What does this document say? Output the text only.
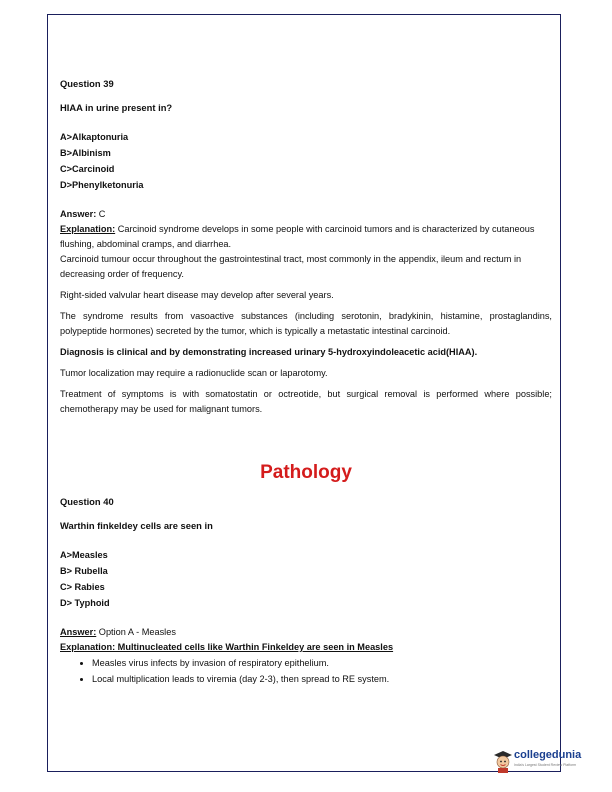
Question 39

HIAA in urine present in?

A>Alkaptonuria

B>Albinism

C>Carcinoid

D>Phenylketonuria

Answer: C

Explanation: Carcinoid syndrome develops in some people with carcinoid tumors and is characterized by cutaneous flushing, abdominal cramps, and diarrhea.

Carcinoid tumour occur throughout the gastrointestinal tract, most commonly in the appendix, ileum and rectum in decreasing order of frequency.

Right-sided valvular heart disease may develop after several years.

The syndrome results from vasoactive substances (including serotonin, bradykinin, histamine, prostaglandins, polypeptide hormones) secreted by the tumor, which is typically a metastatic intestinal carcinoid.

Diagnosis is clinical and by demonstrating increased urinary 5-hydroxyindoleacetic acid(HIAA).

Tumor localization may require a radionuclide scan or laparotomy.

Treatment of symptoms is with somatostatin or octreotide, but surgical removal is performed where possible; chemotherapy may be used for malignant tumors.

Pathology

Question 40

Warthin finkeldey cells are seen in

A>Measles

B> Rubella

C> Rabies

D> Typhoid

Answer: Option A - Measles

Explanation: Multinucleated cells like Warthin Finkeldey are seen in Measles

• Measles virus infects by invasion of respiratory epithelium.
• Local multiplication leads to viremia (day 2-3), then spread to RE system.
collegedunia
India's Largest Student Review Platform
